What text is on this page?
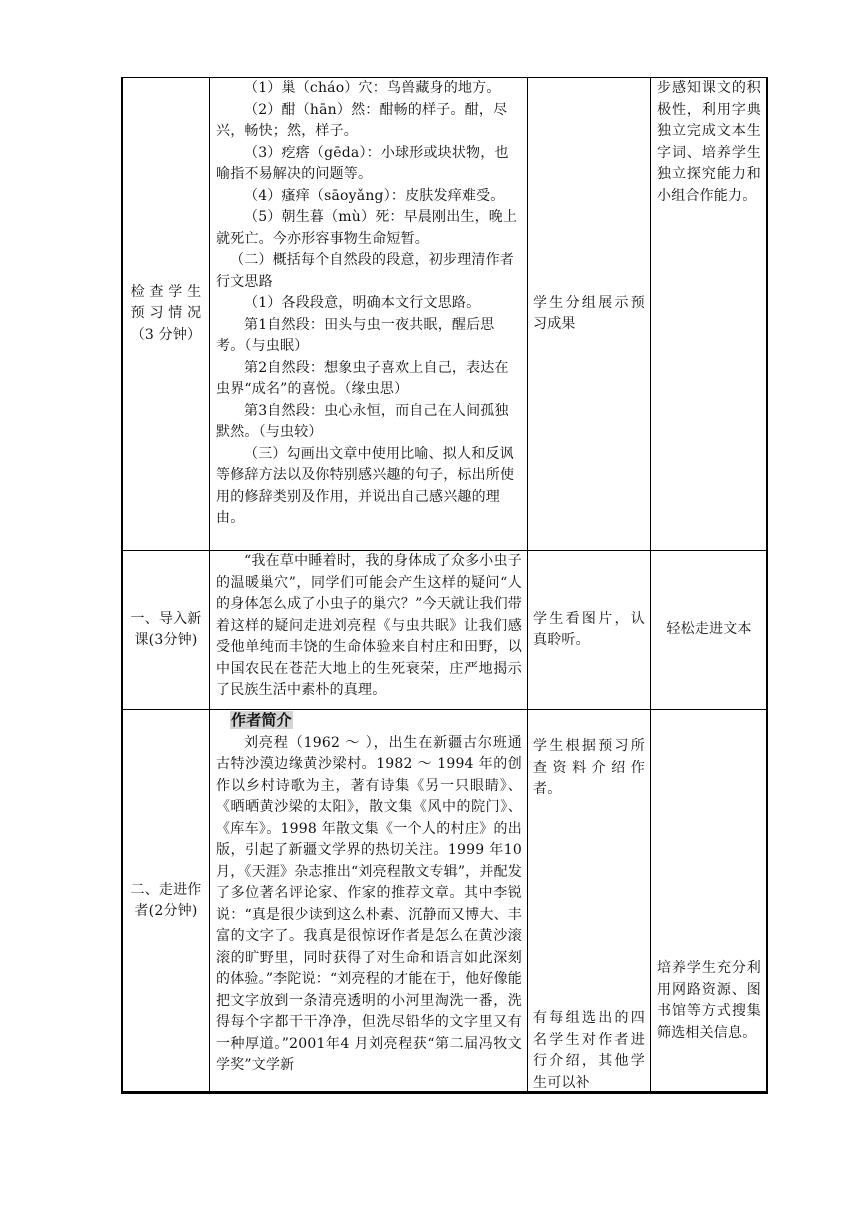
检 查 学 生

预 习 情 况

（3 分钟）

（1）巢（cháo）穴：鸟兽藏身的地方。

（2）酣（hān）然：酣畅的样子。酣，尽兴，畅快；然，样子。

（3）疙瘩（gēda）：小球形或块状物，也喻指不易解决的问题等。

（4）瘙痒（sāoyǎng）：皮肤发痒难受。

（5）朝生暮（mù）死：早晨刚出生，晚上就死亡。今亦形容事物生命短暂。

（二）概括每个自然段的段意，初步理清作者行文思路

（1）各段段意，明确本文行文思路。

第1自然段：田头与虫一夜共眠，醒后思考。（与虫眠）

第2自然段：想象虫子喜欢上自己，表达在虫界“成名”的喜悦。（缘虫思）

第3自然段：虫心永恒，而自己在人间孤独默然。（与虫较）

（三）勾画出文章中使用比喻、拟人和反讽等修辞方法以及你特别感兴趣的句子，标出所使用的修辞类别及作用，并说出自己感兴趣的理由。

学生分组展示预习成果

步感知课文的积极性，利用字典独立完成文本生字词、培养学生独立探究能力和小组合作能力。

一、导入新

课(3分钟)

“我在草中睡着时，我的身体成了众多小虫子的温暖巢穴”，同学们可能会产生这样的疑问“人的身体怎么成了小虫子的巢穴？”今天就让我们带着这样的疑问走进刘亮程《与虫共眠》让我们感受他单纯而丰饶的生命体验来自村庄和田野，以中国农民在苍茫大地上的生死衰荣，庄严地揭示了民族生活中素朴的真理。

学生看图片，认真聆听。

轻松走进文本

二、走进作

者(2分钟)

作者简介

刘亮程（1962 ～ ），出生在新疆古尔班通古特沙漠边缘黄沙梁村。1982 ～ 1994 年的创作以乡村诗歌为主，著有诗集《另一只眼睛》、《晒晒黄沙梁的太阳》，散文集《风中的院门》、《库车》。1998 年散文集《一个人的村庄》的出版，引起了新疆文学界的热切关注。1999 年10 月，《天涯》杂志推出“刘亮程散文专辑”，并配发了多位著名评论家、作家的推荐文章。其中李锐说：“真是很少读到这么朴素、沉静而又博大、丰富的文字了。我真是很惊讶作者是怎么在黄沙滚滚的旷野里，同时获得了对生命和语言如此深刻的体验。”李陀说：“刘亮程的才能在于，他好像能把文字放到一条清亮透明的小河里淘洗一番，洗得每个字都干干净净，但洗尽铅华的文字里又有一种厚道。”2001年4 月刘亮程获“第二届冯牧文学奖”文学新

学生根据预习所查资料介绍作者。

有每组选出的四名学生对作者进行介绍，其他学生可以补

培养学生充分利用网路资源、图书馆等方式搜集筛选相关信息。
